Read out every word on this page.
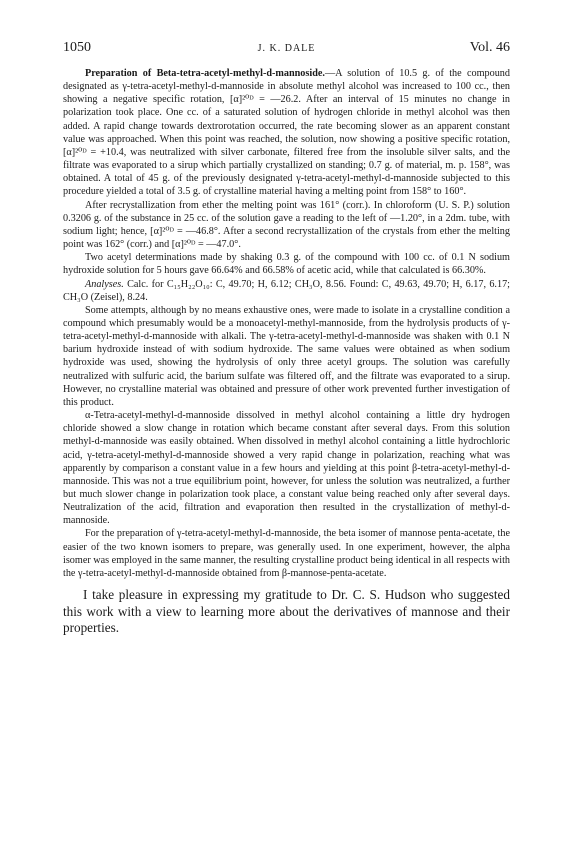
1050	J. K. DALE	Vol. 46

Preparation of Beta-tetra-acetyl-methyl-d-mannoside.—A solution of 10.5 g. of the compound designated as γ-tetra-acetyl-methyl-d-mannoside in absolute methyl alcohol was increased to 100 cc., then showing a negative specific rotation, [α]²⁰ᴰ = —26.2. After an interval of 15 minutes no change in polarization took place. One cc. of a saturated solution of hydrogen chloride in methyl alcohol was then added. A rapid change towards dextrorotation occurred, the rate becoming slower as an apparent constant value was approached. When this point was reached, the solution, now showing a positive specific rotation, [α]²⁰ᴰ = +10.4, was neutralized with silver carbonate, filtered free from the insoluble silver salts, and the filtrate was evaporated to a sirup which partially crystallized on standing; 0.7 g. of material, m. p. 158°, was obtained. A total of 45 g. of the previously designated γ-tetra-acetyl-methyl-d-mannoside subjected to this procedure yielded a total of 3.5 g. of crystalline material having a melting point from 158° to 160°.

After recrystallization from ether the melting point was 161° (corr.). In chloroform (U. S. P.) solution 0.3206 g. of the substance in 25 cc. of the solution gave a reading to the left of —1.20°, in a 2dm. tube, with sodium light; hence, [α]²⁰ᴰ = —46.8°. After a second recrystallization of the crystals from ether the melting point was 162° (corr.) and [α]²⁰ᴰ = —47.0°.

Two acetyl determinations made by shaking 0.3 g. of the compound with 100 cc. of 0.1 N sodium hydroxide solution for 5 hours gave 66.64% and 66.58% of acetic acid, while that calculated is 66.30%.

Analyses. Calc. for C₁₅H₂₂O₁₀: C, 49.70; H, 6.12; CH₃O, 8.56. Found: C, 49.63, 49.70; H, 6.17, 6.17; CH₃O (Zeisel), 8.24.

Some attempts, although by no means exhaustive ones, were made to isolate in a crystalline condition a compound which presumably would be a monoacetyl-methyl-mannoside, from the hydrolysis products of γ-tetra-acetyl-methyl-d-mannoside with alkali. The γ-tetra-acetyl-methyl-d-mannoside was shaken with 0.1 N barium hydroxide instead of with sodium hydroxide. The same values were obtained as when sodium hydroxide was used, showing the hydrolysis of only three acetyl groups. The solution was carefully neutralized with sulfuric acid, the barium sulfate was filtered off, and the filtrate was evaporated to a sirup. However, no crystalline material was obtained and pressure of other work prevented further investigation of this product.

α-Tetra-acetyl-methyl-d-mannoside dissolved in methyl alcohol containing a little dry hydrogen chloride showed a slow change in rotation which became constant after several days. From this solution methyl-d-mannoside was easily obtained. When dissolved in methyl alcohol containing a little hydrochloric acid, γ-tetra-acetyl-methyl-d-mannoside showed a very rapid change in polarization, reaching what was apparently by comparison a constant value in a few hours and yielding at this point β-tetra-acetyl-methyl-d-mannoside. This was not a true equilibrium point, however, for unless the solution was neutralized, a further but much slower change in polarization took place, a constant value being reached only after several days. Neutralization of the acid, filtration and evaporation then resulted in the crystallization of methyl-d-mannoside.

For the preparation of γ-tetra-acetyl-methyl-d-mannoside, the beta isomer of mannose penta-acetate, the easier of the two known isomers to prepare, was generally used. In one experiment, however, the alpha isomer was employed in the same manner, the resulting crystalline product being identical in all respects with the γ-tetra-acetyl-methyl-d-mannoside obtained from β-mannose-penta-acetate.

I take pleasure in expressing my gratitude to Dr. C. S. Hudson who suggested this work with a view to learning more about the derivatives of mannose and their properties.
